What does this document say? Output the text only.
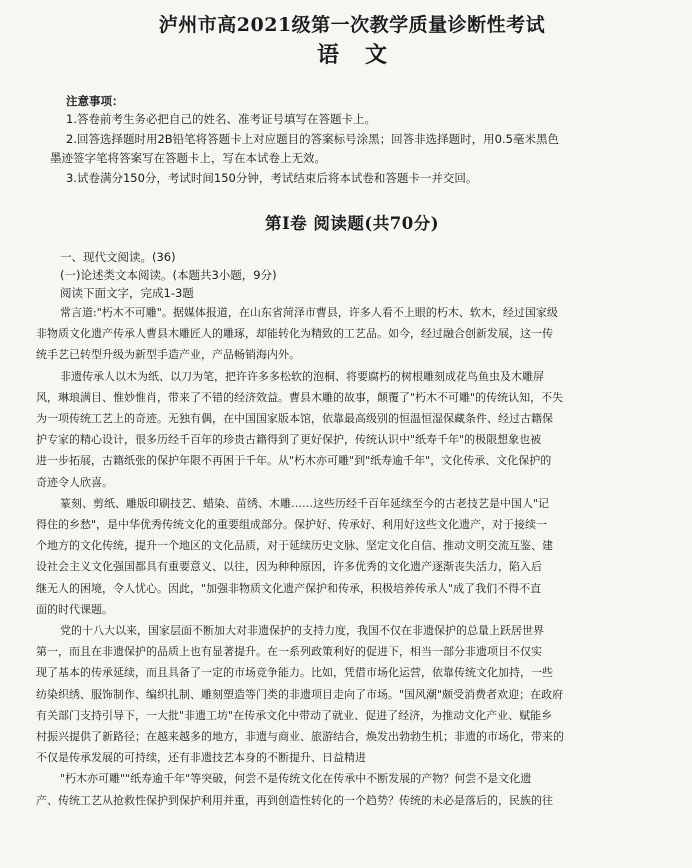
泸州市高2021级第一次教学质量诊断性考试
语文
注意事项：
1.答卷前考生务必把自己的姓名、准考证号填写在答题卡上。
2.回答选择题时用2B铅笔将答题卡上对应题目的答案标号涂黑；回答非选择题时，用0.5毫米黑色
墨迹签字笔将答案写在答题卡上，写在本试卷上无效。
3.试卷满分150分，考试时间150分钟，考试结束后将本试卷和答题卡一并交回。
第Ⅰ卷 阅读题(共70分)
一、现代文阅读。(36)
(一)论述类文本阅读。(本题共3小题，9分)
阅读下面文字，完成1-3题
常言道:"朽木不可雕"。据媒体报道，在山东省菏泽市曹县，许多人看不上眼的朽木、软木，经过国家级
非物质文化遗产传承人曹县木雕匠人的雕琢，却能转化为精致的工艺品。如今，经过融合创新发展，这一传
统手艺已转型升级为新型手造产业，产品畅销海内外。
非遗传承人以木为纸、以刀为笔，把许许多多松软的泡桐、将要腐朽的树根雕刻成花鸟鱼虫及木雕屏
风，琳琅满目、惟妙惟肖，带来了不错的经济效益。曹县木雕的故事，颠覆了"朽木不可雕"的传统认知，不失
为一项传统工艺上的奇迹。无独有偶，在中国国家版本馆，依靠最高级别的恒温恒湿保藏条件、经过古籍保
护专家的精心设计，很多历经千百年的珍贵古籍得到了更好保护，传统认识中"纸寿千年"的极限想象也被
进一步拓展，古籍纸张的保护年限不再困于千年。从"朽木亦可雕"到"纸寿逾千年"，文化传承、文化保护的
奇迹令人欣喜。
篆刻、剪纸、雕版印刷技艺、蜡染、苗绣、木雕……这些历经千百年延续至今的古老技艺是中国人"记
得住的乡愁"，是中华优秀传统文化的重要组成部分。保护好、传承好、利用好这些文化遗产，对于接续一
个地方的文化传统，提升一个地区的文化品质，对于延续历史文脉、坚定文化自信、推动文明交流互鉴、建
设社会主义文化强国都具有重要意义、以往，因为种种原因，许多优秀的文化遗产逐渐丧失活力，陷入后
继无人的困境，令人忧心。因此，"加强非物质文化遗产保护和传承，积极培养传承人"成了我们不得不直
面的时代课题。
党的十八大以来，国家层面不断加大对非遗保护的支持力度，我国不仅在非遗保护的总量上跃居世界
第一，而且在非遗保护的品质上也有显著提升。在一系列政策利好的促进下，相当一部分非遗项目不仅实
现了基本的传承延续，而且具备了一定的市场竞争能力。比如，凭借市场化运营，依靠传统文化加持，一些
纺染织绣、服饰制作、编织扎制、雕刻塑造等门类的非遗项目走向了市场。"国风潮"颇受消费者欢迎；在政府
有关部门支持引导下，一大批"非遗工坊"在传承文化中带动了就业、促进了经济，为推动文化产业、赋能乡
村振兴提供了新路径；在越来越多的地方，非遗与商业、旅游结合，焕发出勃勃生机；非遗的市场化，带来的
不仅是传承发展的可持续，还有非遗技艺本身的不断提升、日益精进
"朽木亦可雕""纸寿逾千年"等突破，何尝不是传统文化在传承中不断发展的产物？何尝不是文化遗
产、传统工艺从抢救性保护到保护利用并重，再到创造性转化的一个趋势？传统的未必是落后的，民族的往
